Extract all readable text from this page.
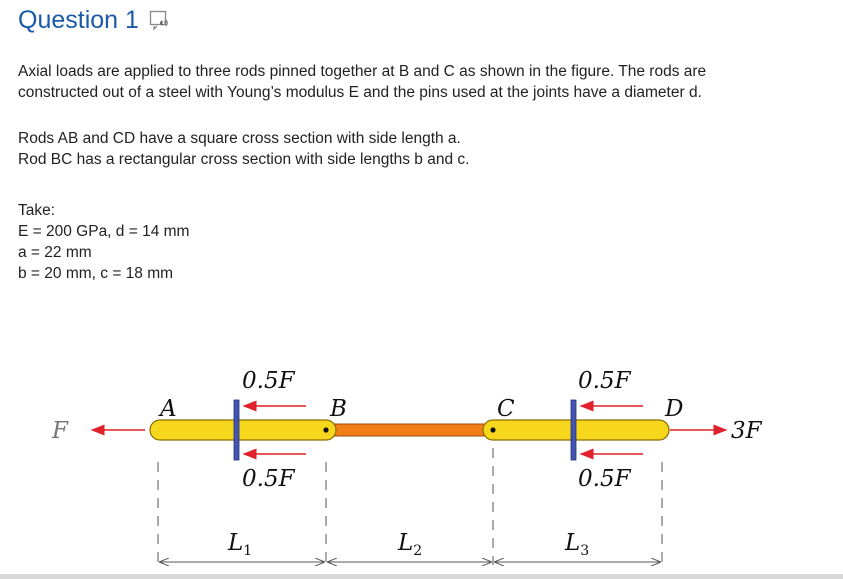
Question 1
Axial loads are applied to three rods pinned together at B and C as shown in the figure. The rods are
constructed out of a steel with Young’s modulus E and the pins used at the joints have a diameter d.
Rods AB and CD have a square cross section with side length a.
Rod BC has a rectangular cross section with side lengths b and c.
Take:
E = 200 GPa, d = 14 mm
a = 22 mm
b = 20 mm, c = 18 mm
A	B	C	D
F	3F
0.5F
0.5F
0.5F
0.5F
$L_1$	$L_2$	$L_3$
